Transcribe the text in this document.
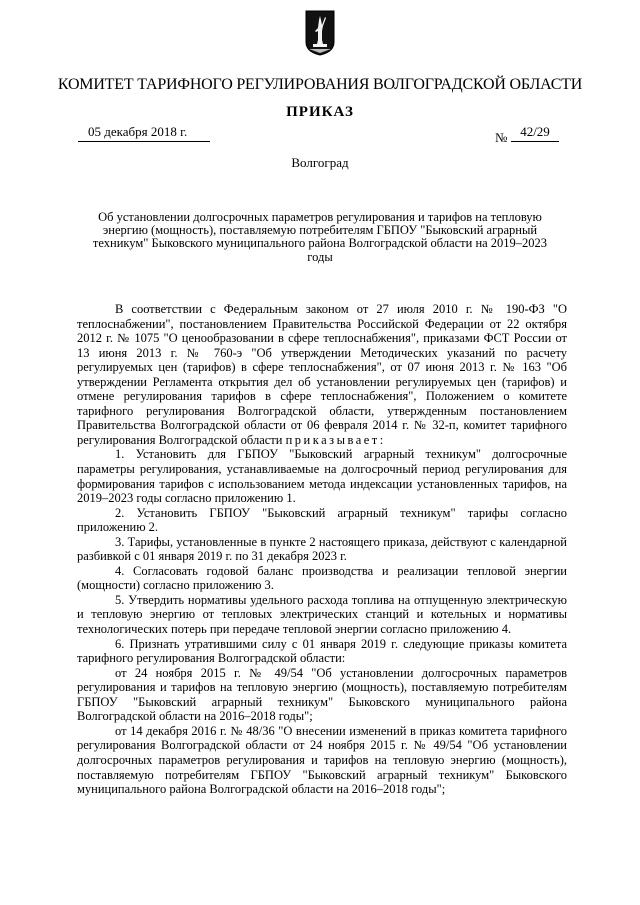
КОМИТЕТ ТАРИФНОГО РЕГУЛИРОВАНИЯ ВОЛГОГРАДСКОЙ ОБЛАСТИ
ПРИКАЗ
05 декабря 2018 г.	№ 42/29
Волгоград
Об установлении долгосрочных параметров регулирования и тарифов на тепловую энергию (мощность), поставляемую потребителям ГБПОУ "Быковский аграрный техникум" Быковского муниципального района Волгоградской области на 2019–2023 годы

В соответствии с Федеральным законом от 27 июля 2010 г. № 190-ФЗ "О теплоснабжении", постановлением Правительства Российской Федерации от 22 октября 2012 г. № 1075 "О ценообразовании в сфере теплоснабжения", приказами ФСТ России от 13 июня 2013 г. № 760-э "Об утверждении Методических указаний по расчету регулируемых цен (тарифов) в сфере теплоснабжения", от 07 июня 2013 г. № 163 "Об утверждении Регламента открытия дел об установлении регулируемых цен (тарифов) и отмене регулирования тарифов в сфере теплоснабжения", Положением о комитете тарифного регулирования Волгоградской области, утвержденным постановлением Правительства Волгоградской области от 06 февраля 2014 г. № 32-п, комитет тарифного регулирования Волгоградской области приказывает:

1. Установить для ГБПОУ "Быковский аграрный техникум" долгосрочные параметры регулирования, устанавливаемые на долгосрочный период регулирования для формирования тарифов с использованием метода индексации установленных тарифов, на 2019–2023 годы согласно приложению 1.

2. Установить ГБПОУ "Быковский аграрный техникум" тарифы согласно приложению 2.

3. Тарифы, установленные в пункте 2 настоящего приказа, действуют с календарной разбивкой с 01 января 2019 г. по 31 декабря 2023 г.

4. Согласовать годовой баланс производства и реализации тепловой энергии (мощности) согласно приложению 3.

5. Утвердить нормативы удельного расхода топлива на отпущенную электрическую и тепловую энергию от тепловых электрических станций и котельных и нормативы технологических потерь при передаче тепловой энергии согласно приложению 4.

6. Признать утратившими силу с 01 января 2019 г. следующие приказы комитета тарифного регулирования Волгоградской области:

от 24 ноября 2015 г. № 49/54 "Об установлении долгосрочных параметров регулирования и тарифов на тепловую энергию (мощность), поставляемую потребителям ГБПОУ "Быковский аграрный техникум" Быковского муниципального района Волгоградской области на 2016–2018 годы";

от 14 декабря 2016 г. № 48/36 "О внесении изменений в приказ комитета тарифного регулирования Волгоградской области от 24 ноября 2015 г. № 49/54 "Об установлении долгосрочных параметров регулирования и тарифов на тепловую энергию (мощность), поставляемую потребителям ГБПОУ "Быковский аграрный техникум" Быковского муниципального района Волгоградской области на 2016–2018 годы";
